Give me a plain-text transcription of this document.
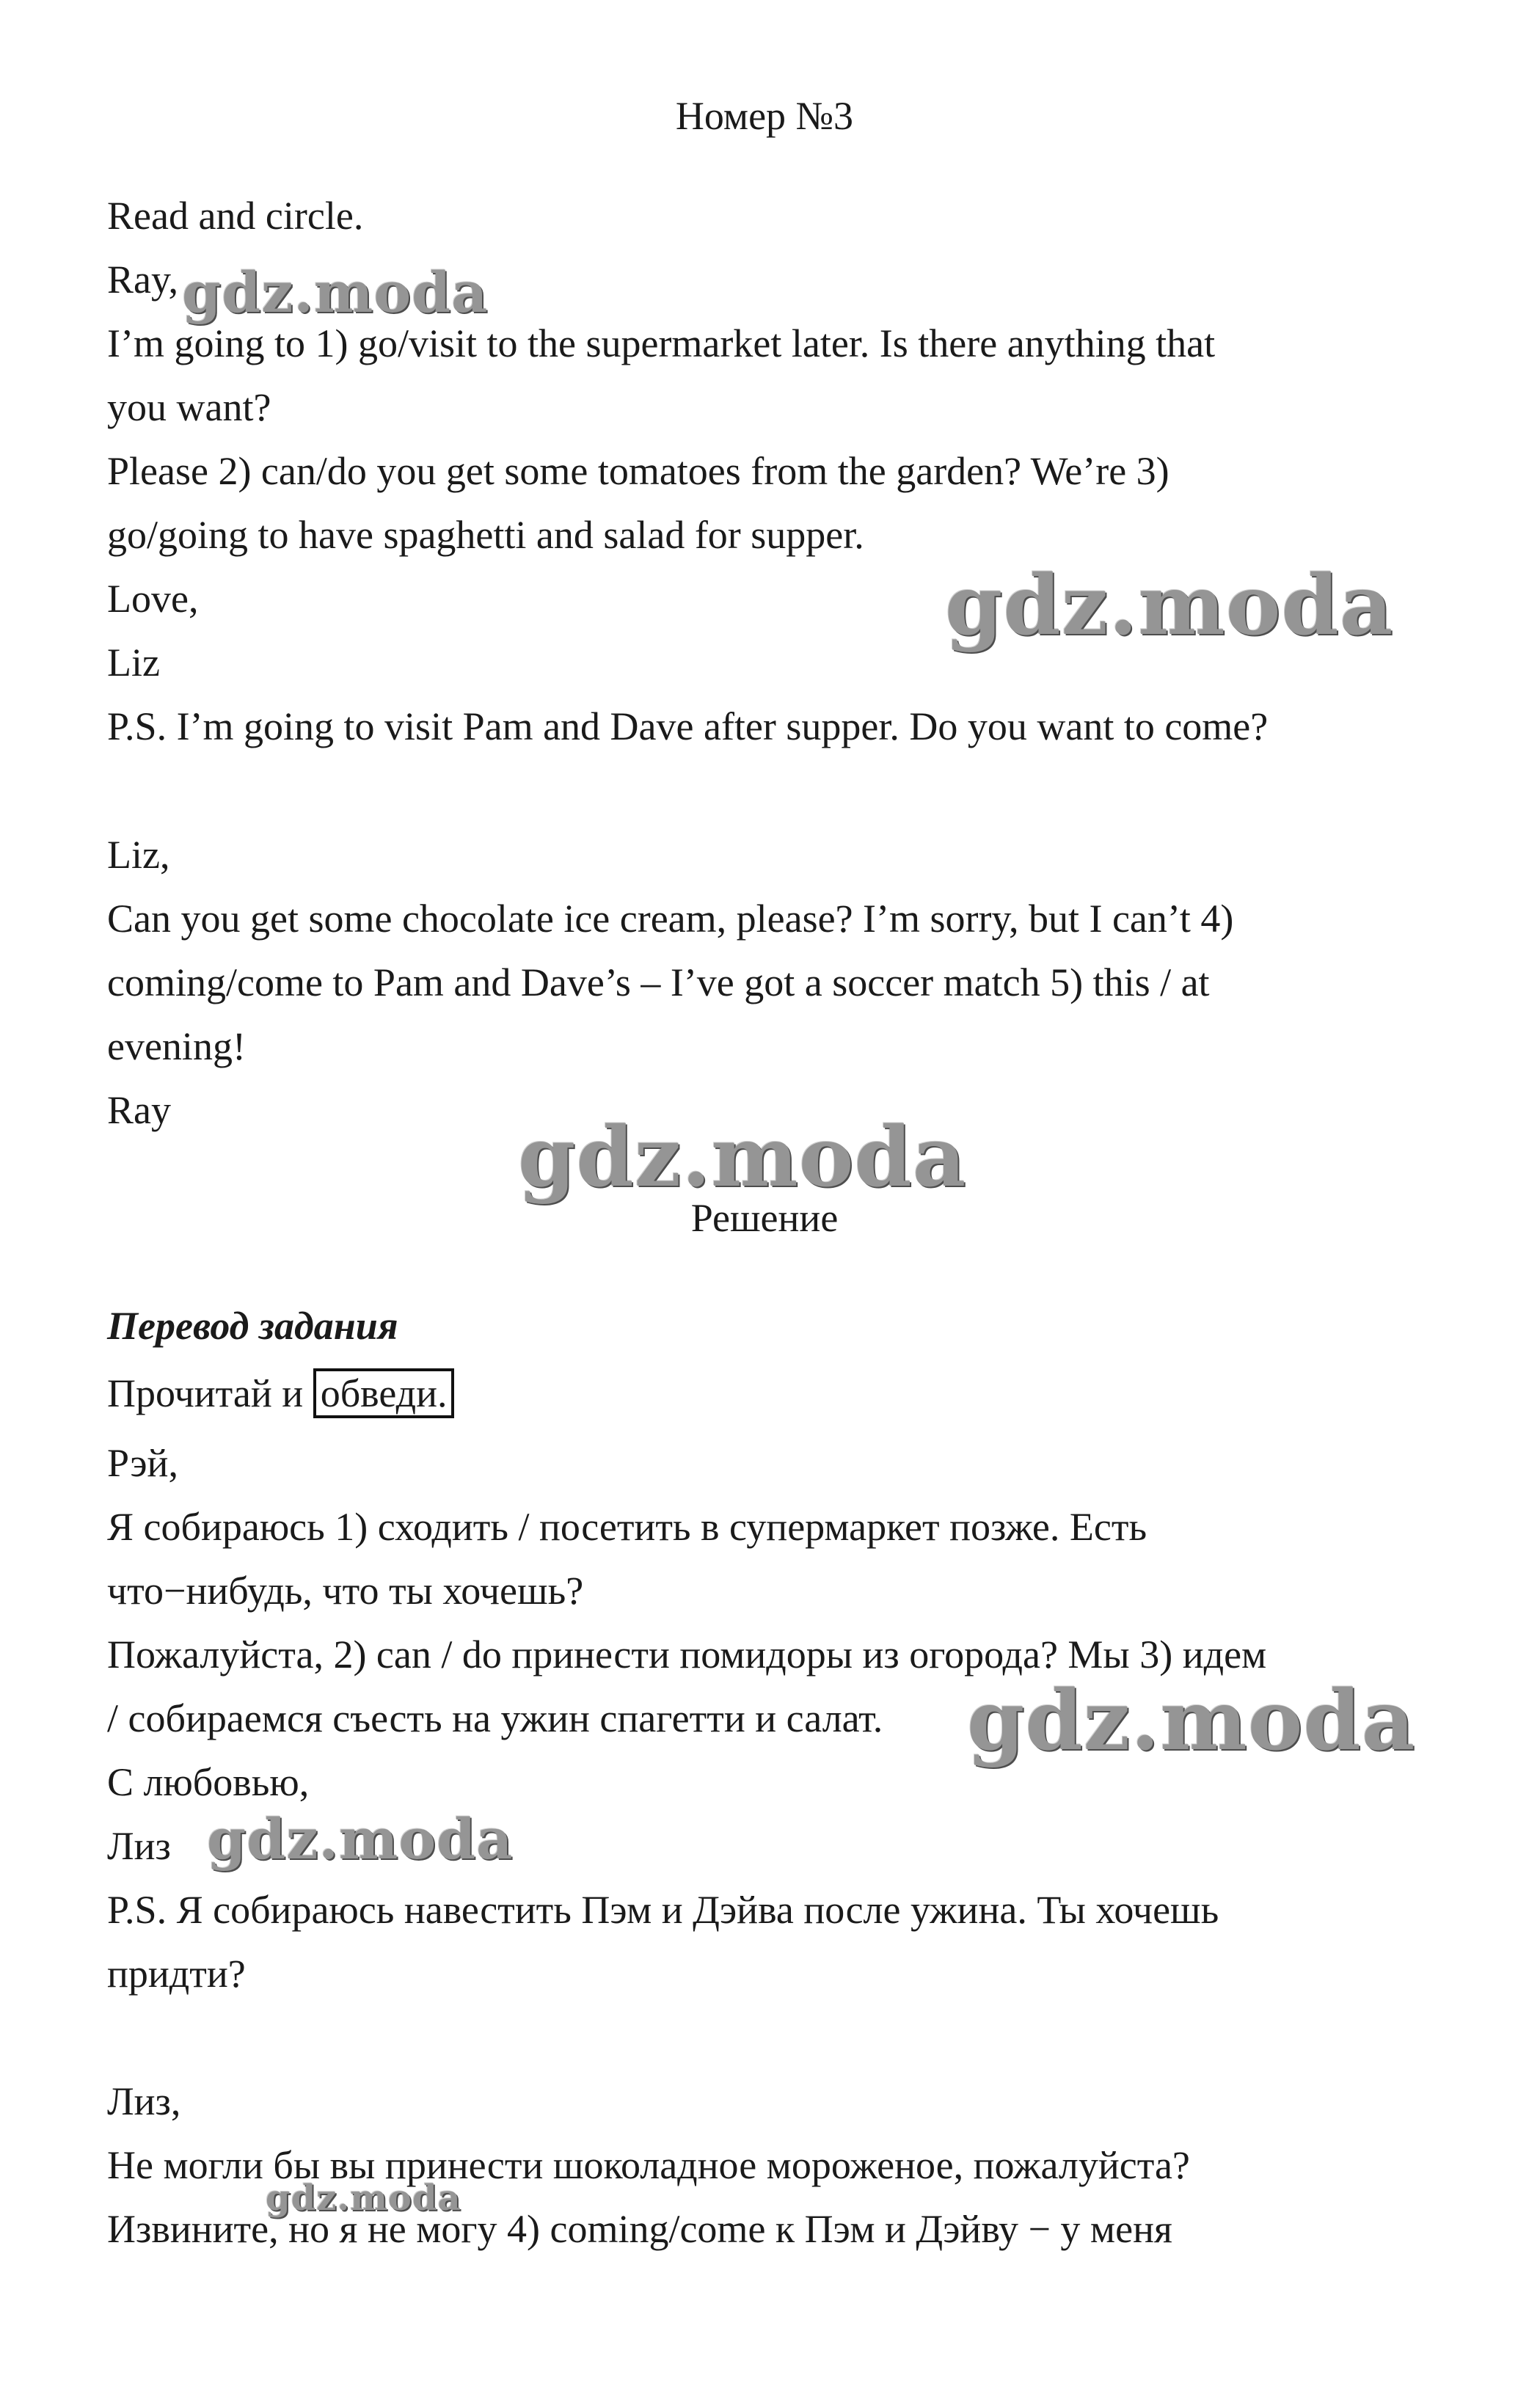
Номер №3
Read and circle.
Ray,
I’m going to 1) go/visit to the supermarket later. Is there anything that
you want?
Please 2) can/do you get some tomatoes from the garden? We’re 3)
go/going to have spaghetti and salad for supper.
Love,
Liz
P.S. I’m going to visit Pam and Dave after supper. Do you want to come?
Liz,
Can you get some chocolate ice cream, please? I’m sorry, but I can’t 4)
coming/come to Pam and Dave’s – I’ve got a soccer match 5) this / at
evening!
Ray
Решение
Перевод задания
Прочитай и обведи.
Рэй,
Я собираюсь 1) сходить / посетить в супермаркет позже. Есть
что−нибудь, что ты хочешь?
Пожалуйста, 2) can / do принести помидоры из огорода? Мы 3) идем
/ собираемся съесть на ужин спагетти и салат.
С любовью,
Лиз
P.S. Я собираюсь навестить Пэм и Дэйва после ужина. Ты хочешь
придти?
Лиз,
Не могли бы вы принести шоколадное мороженое, пожалуйста?
Извините, но я не могу 4) coming/come к Пэм и Дэйву − у меня
gdz.moda
gdz.moda
gdz.moda
gdz.moda
gdz.moda
gdz.moda
